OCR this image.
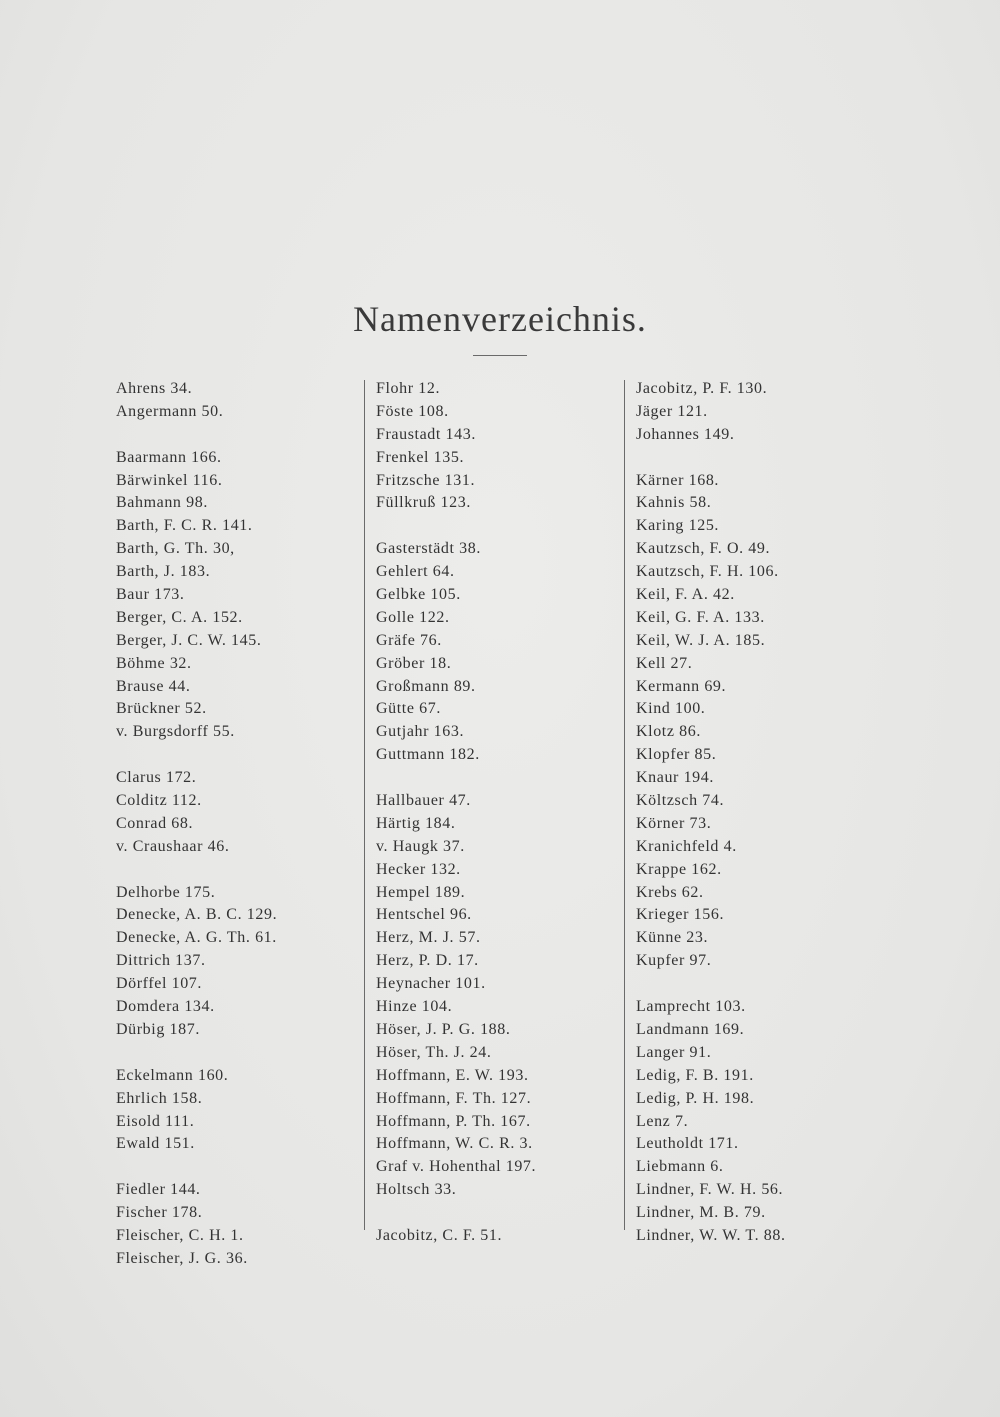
Namenverzeichnis.
Ahrens 34.
Angermann 50.
Baarmann 166.
Bärwinkel 116.
Bahmann 98.
Barth, F. C. R. 141.
Barth, G. Th. 30,
Barth, J. 183.
Baur 173.
Berger, C. A. 152.
Berger, J. C. W. 145.
Böhme 32.
Brause 44.
Brückner 52.
v. Burgsdorff 55.
Clarus 172.
Colditz 112.
Conrad 68.
v. Craushaar 46.
Delhorbe 175.
Denecke, A. B. C. 129.
Denecke, A. G. Th. 61.
Dittrich 137.
Dörffel 107.
Domdera 134.
Dürbig 187.
Eckelmann 160.
Ehrlich 158.
Eisold 111.
Ewald 151.
Fiedler 144.
Fischer 178.
Fleischer, C. H. 1.
Fleischer, J. G. 36.
Flohr 12.
Föste 108.
Fraustadt 143.
Frenkel 135.
Fritzsche 131.
Füllkruß 123.
Gasterstädt 38.
Gehlert 64.
Gelbke 105.
Golle 122.
Gräfe 76.
Gröber 18.
Großmann 89.
Gütte 67.
Gutjahr 163.
Guttmann 182.
Hallbauer 47.
Härtig 184.
v. Haugk 37.
Hecker 132.
Hempel 189.
Hentschel 96.
Herz, M. J. 57.
Herz, P. D. 17.
Heynacher 101.
Hinze 104.
Höser, J. P. G. 188.
Höser, Th. J. 24.
Hoffmann, E. W. 193.
Hoffmann, F. Th. 127.
Hoffmann, P. Th. 167.
Hoffmann, W. C. R. 3.
Graf v. Hohenthal 197.
Holtsch 33.
Jacobitz, C. F. 51.
Jacobitz, P. F. 130.
Jäger 121.
Johannes 149.
Kärner 168.
Kahnis 58.
Karing 125.
Kautzsch, F. O. 49.
Kautzsch, F. H. 106.
Keil, F. A. 42.
Keil, G. F. A. 133.
Keil, W. J. A. 185.
Kell 27.
Kermann 69.
Kind 100.
Klotz 86.
Klopfer 85.
Knaur 194.
Költzsch 74.
Körner 73.
Kranichfeld 4.
Krappe 162.
Krebs 62.
Krieger 156.
Künne 23.
Kupfer 97.
Lamprecht 103.
Landmann 169.
Langer 91.
Ledig, F. B. 191.
Ledig, P. H. 198.
Lenz 7.
Leutholdt 171.
Liebmann 6.
Lindner, F. W. H. 56.
Lindner, M. B. 79.
Lindner, W. W. T. 88.
